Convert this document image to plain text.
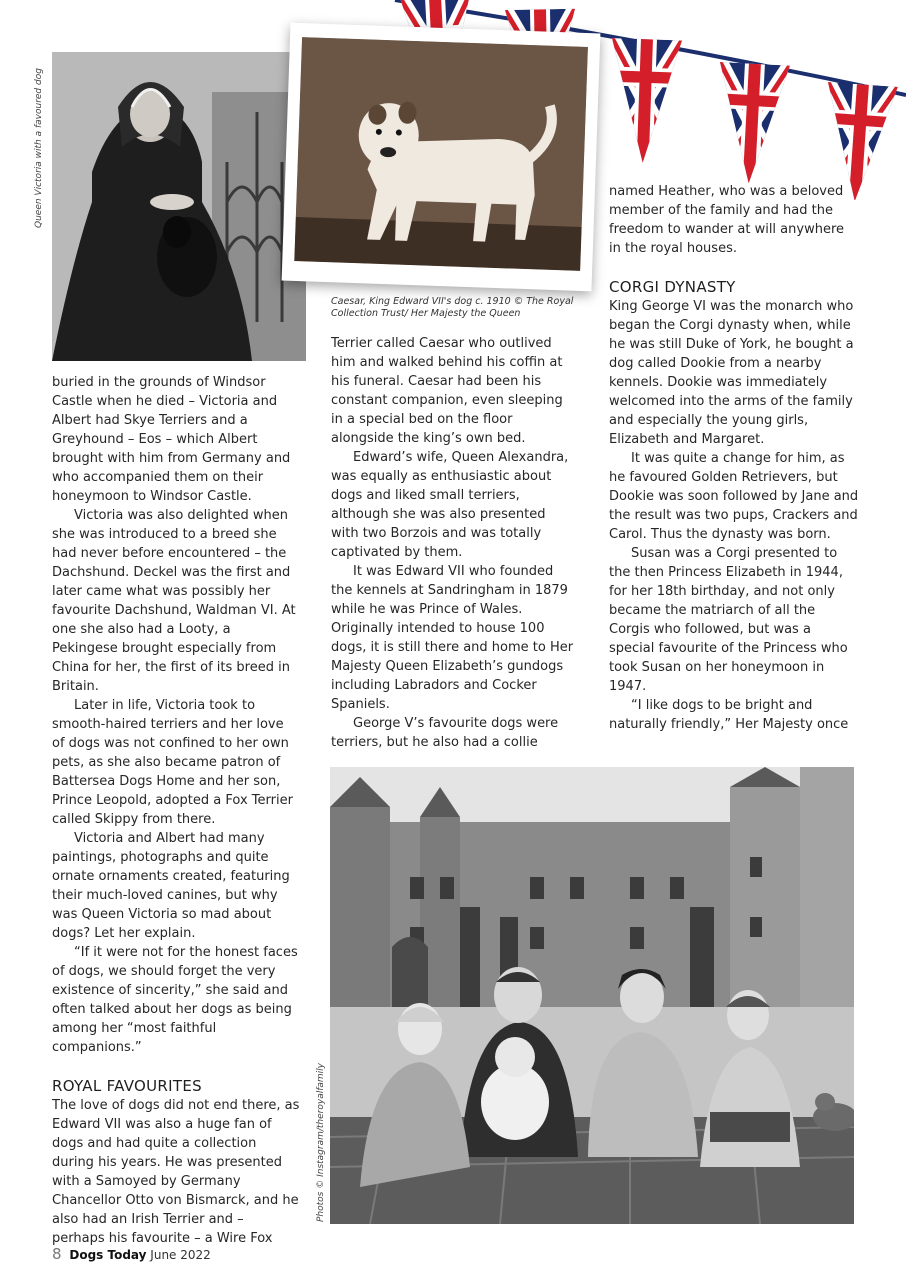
Queen Victoria with a favoured dog
Caesar, King Edward VII's dog c. 1910 © The Royal Collection Trust/ Her Majesty the Queen

buried in the grounds of Windsor Castle when he died – Victoria and Albert had Skye Terriers and a Greyhound – Eos – which Albert brought with him from Germany and who accompanied them on their honeymoon to Windsor Castle.

Victoria was also delighted when she was introduced to a breed she had never before encountered – the Dachshund. Deckel was the first and later came what was possibly her favourite Dachshund, Waldman VI. At one she also had a Looty, a Pekingese brought especially from China for her, the first of its breed in Britain.

Later in life, Victoria took to smooth-haired terriers and her love of dogs was not confined to her own pets, as she also became patron of Battersea Dogs Home and her son, Prince Leopold, adopted a Fox Terrier called Skippy from there.

Victoria and Albert had many paintings, photographs and quite ornate ornaments created, featuring their much-loved canines, but why was Queen Victoria so mad about dogs? Let her explain.

“If it were not for the honest faces of dogs, we should forget the very existence of sincerity,” she said and often talked about her dogs as being among her “most faithful companions.”

ROYAL FAVOURITES

The love of dogs did not end there, as Edward VII was also a huge fan of dogs and had quite a collection during his years. He was presented with a Samoyed by Germany Chancellor Otto von Bismarck, and he also had an Irish Terrier and – perhaps his favourite – a Wire Fox

Terrier called Caesar who outlived him and walked behind his coffin at his funeral. Caesar had been his constant companion, even sleeping in a special bed on the floor alongside the king’s own bed.

Edward’s wife, Queen Alexandra, was equally as enthusiastic about dogs and liked small terriers, although she was also presented with two Borzois and was totally captivated by them.

It was Edward VII who founded the kennels at Sandringham in 1879 while he was Prince of Wales. Originally intended to house 100 dogs, it is still there and home to Her Majesty Queen Elizabeth’s gundogs including Labradors and Cocker Spaniels.

George V’s favourite dogs were terriers, but he also had a collie

named Heather, who was a beloved member of the family and had the freedom to wander at will anywhere in the royal houses.

CORGI DYNASTY

King George VI was the monarch who began the Corgi dynasty when, while he was still Duke of York, he bought a dog called Dookie from a nearby kennels. Dookie was immediately welcomed into the arms of the family and especially the young girls, Elizabeth and Margaret.

It was quite a change for him, as he favoured Golden Retrievers, but Dookie was soon followed by Jane and the result was two pups, Crackers and Carol. Thus the dynasty was born.

Susan was a Corgi presented to the then Princess Elizabeth in 1944, for her 18th birthday, and not only became the matriarch of all the Corgis who followed, but was a special favourite of the Princess who took Susan on her honeymoon in 1947.

“I like dogs to be bright and naturally friendly,” Her Majesty once

Photos © Instagram/theroyalfamily
8 Dogs Today June 2022
